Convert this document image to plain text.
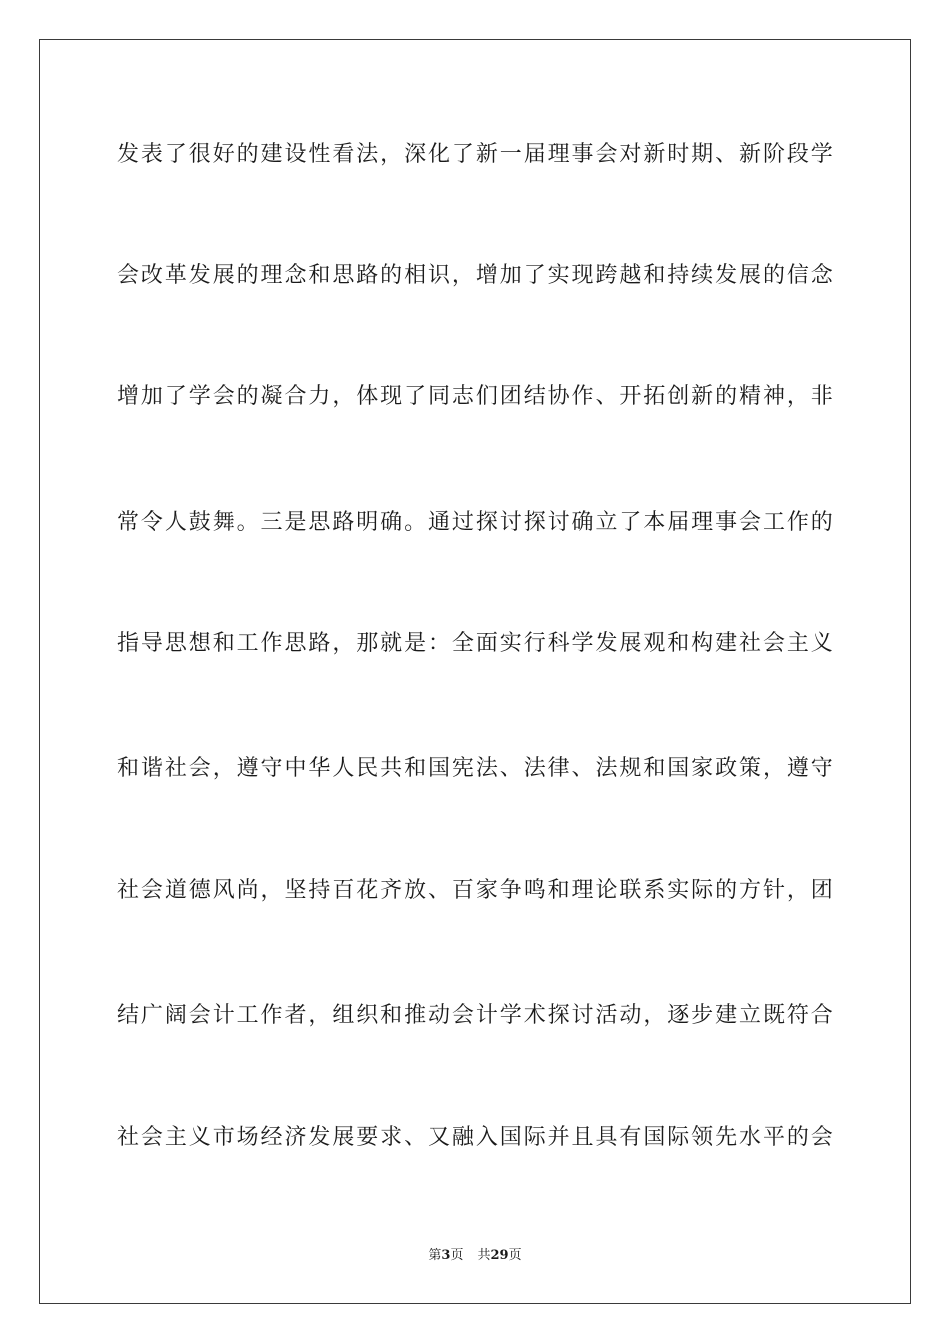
发表了很好的建设性看法，深化了新一届理事会对新时期、新阶段学
会改革发展的理念和思路的相识，增加了实现跨越和持续发展的信念
增加了学会的凝合力，体现了同志们团结协作、开拓创新的精神，非
常令人鼓舞。三是思路明确。通过探讨探讨确立了本届理事会工作的
指导思想和工作思路，那就是：全面实行科学发展观和构建社会主义
和谐社会，遵守中华人民共和国宪法、法律、法规和国家政策，遵守
社会道德风尚，坚持百花齐放、百家争鸣和理论联系实际的方针，团
结广阔会计工作者，组织和推动会计学术探讨活动，逐步建立既符合
社会主义市场经济发展要求、又融入国际并且具有国际领先水平的会
第3页 共29页
